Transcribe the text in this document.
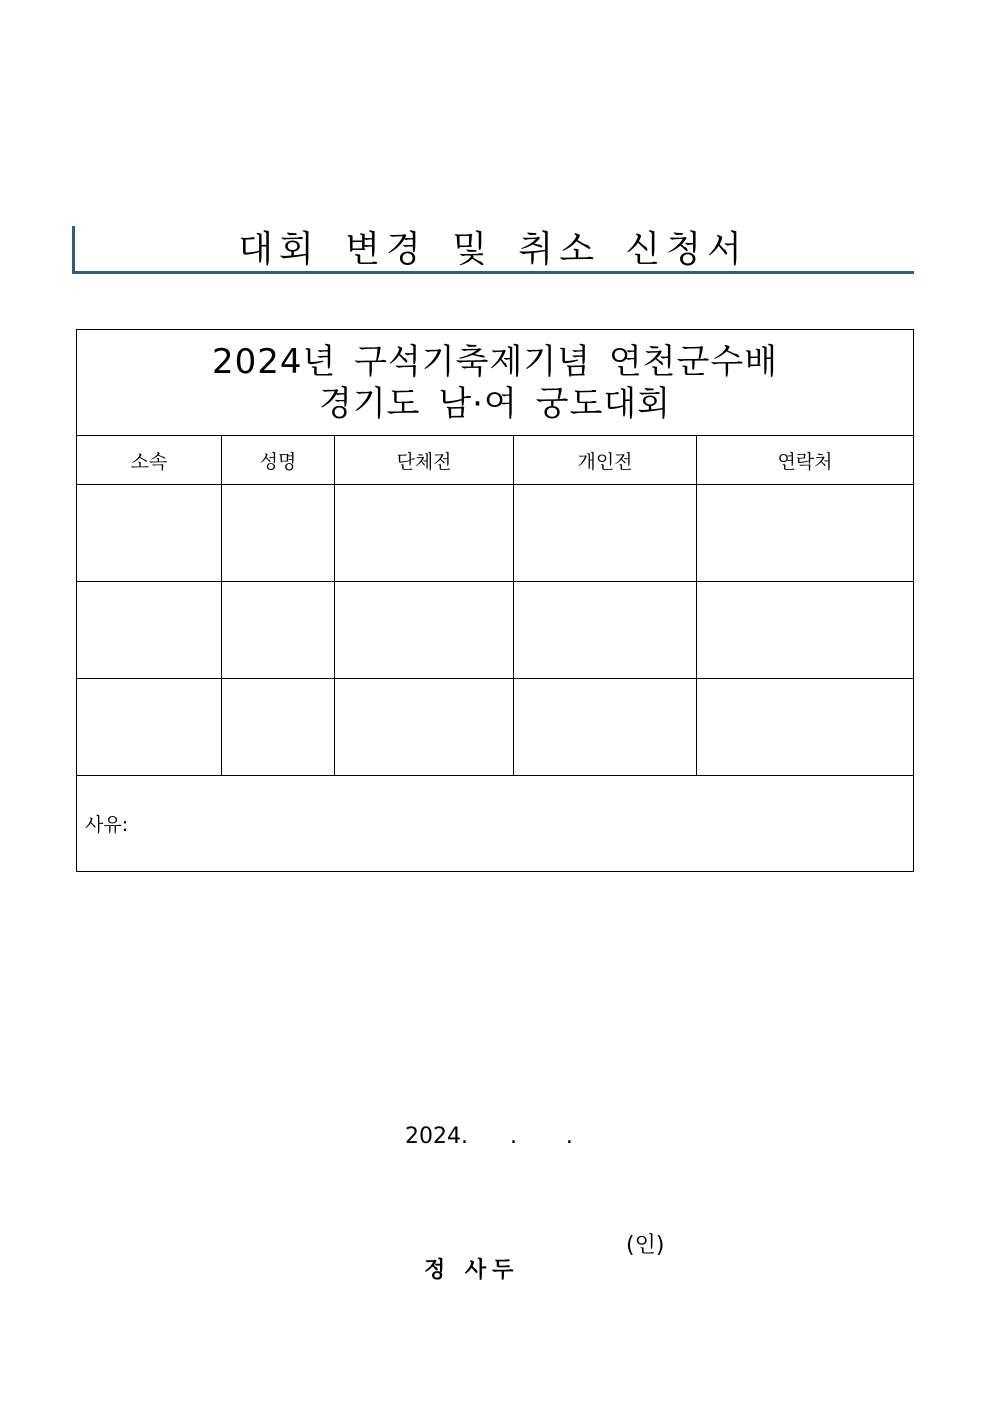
대회 변경 및 취소 신청서
2024년 구석기축제기념 연천군수배
경기도 남·여 궁도대회				

소속	성명	단체전	개인전	연락처

사유:				
2024.      .       .

정 사두

(인)
